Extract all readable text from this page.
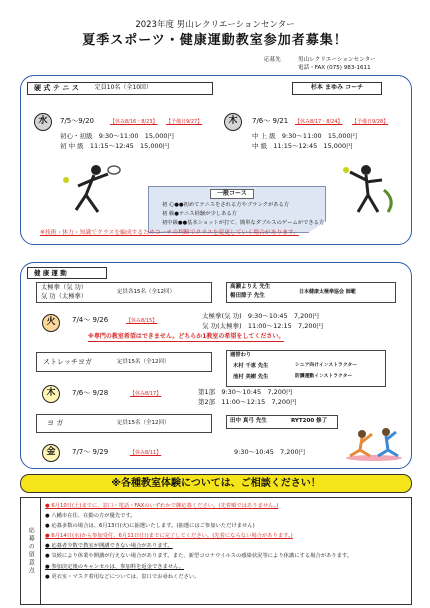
2023年度 男山レクリエーションセンター
夏季スポーツ・健康運動教室参加者募集！
応募先	男山レクリエーションセンター
電話・FAX (075) 983-1611
硬 式 テ ニ ス	定員10名（全10回）	杉本 まゆみ コーチ
水	7/5～9/20	【休み8/16・8/23】 【予備日9/27】
初心・初級   9:30～11:00   15,000円
初 中 級   11:15～12:45   15,000円
木	7/6～ 9/21 【休み8/17・8/24】 【予備日9/28】
中 上 級   9:30～11:00   15,000円
中 級   11:15～12:45   15,000円
一般コース
初 心●●初めてテニスをされる方やブランクがある方
初 級●テニス経験が少しある方
初中級●●基本ショットが打て、簡単なダブルスのゲームができる方
※技術・体力・知識でクラスを編成するためコーチの判断でクラスを変更していく場合があります。
健 康 運 動
太極拳（気 功）
気 功（太極拳）
定員各15名（全12回）
高瀬よりえ 先生
楊田節子 先生
日本健康太極拳協会 師範
火	7/4～ 9/26	【休み8/15】
太極拳(気 功)   9:30～10:45   7,200円
気 功(太極拳)   11:00～12:15   7,200円
※専門の教室希望はできません。どちらか1教室の希望をしてください。
ストレッチヨガ	定員15名（全12回）
週替わり
木村 千恵 先生	シニア向けインストラクター
池村 美樹 先生	防護運動インストラクター
木	7/6～ 9/28	【休み8/17】	第1部   9:30～10:45   7,200円
第2部   11:00～12:15   7,200円
ヨ ガ	定員15名（全12回）	田中 真弓 先生	RYT200 修了
金	7/7～ 9/29	【休み8/11】	9:30～10:45   7,200円
※各種教室体験については、ご相談ください！
応募の留意点
● 6月10日(土)までに、窓口・電話・FAXのいずれかで御応募ください。(先着順ではありません。)
● 八幡市在住、在勤の方が優先です。
● 応募多数の場合は、6月13日(火)に抽選いたします。(抽選にはご参加いただけません)
● 6月14日(水)から参加受付、6月11日(日)までに完了してください。(先着にならない場合があります。)
● 応募者少数で教室が開講できない場合があります。
● 気候により休業や開講が行えない場合があります。また、新型コロナウイルスの感染状況等により休講にする場合があります。
● 参加決定後のキャンセルは、参加料を返金できません。
● 更衣室・マスク着用などについては、窓口でお尋ねください。
